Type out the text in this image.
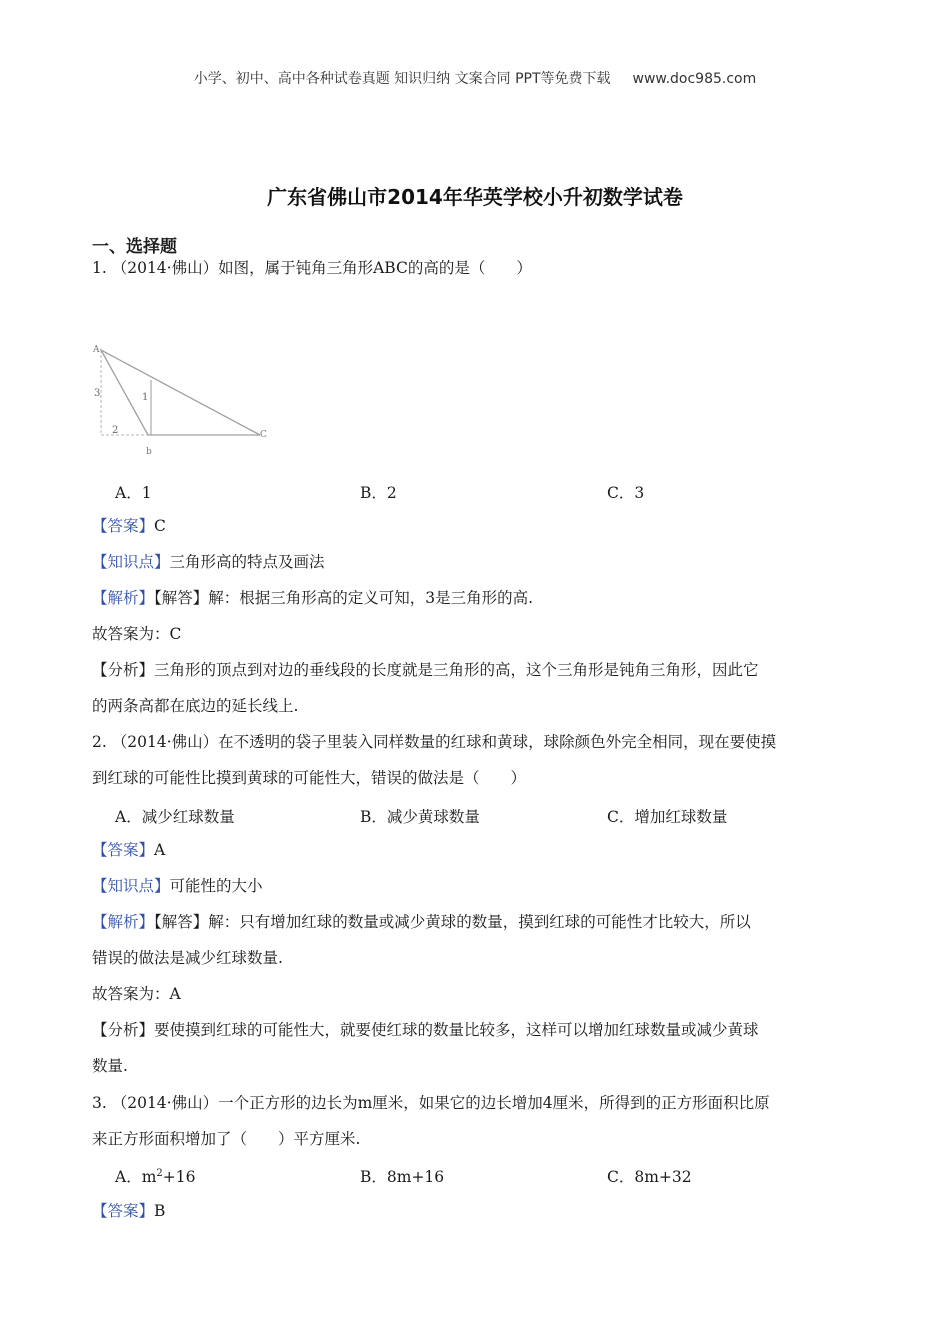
小学、初中、高中各种试卷真题 知识归纳 文案合同 PPT等免费下载 www.doc985.com
广东省佛山市2014年华英学校小升初数学试卷
一、选择题
1. （2014·佛山）如图，属于钝角三角形ABC的高的是（　　）
A
b
C
3
2
1
A．1	B．2	C．3
【答案】C
【知识点】三角形高的特点及画法
【解析】【解答】解：根据三角形高的定义可知，3是三角形的高.
故答案为：C
【分析】三角形的顶点到对边的垂线段的长度就是三角形的高，这个三角形是钝角三角形，因此它
的两条高都在底边的延长线上.
2. （2014·佛山）在不透明的袋子里装入同样数量的红球和黄球，球除颜色外完全相同，现在要使摸
到红球的可能性比摸到黄球的可能性大，错误的做法是（　　）
A．减少红球数量	B．减少黄球数量	C．增加红球数量
【答案】A
【知识点】可能性的大小
【解析】【解答】解：只有增加红球的数量或减少黄球的数量，摸到红球的可能性才比较大，所以
错误的做法是减少红球数量.
故答案为：A
【分析】要使摸到红球的可能性大，就要使红球的数量比较多，这样可以增加红球数量或减少黄球
数量.
3. （2014·佛山）一个正方形的边长为m厘米，如果它的边长增加4厘米，所得到的正方形面积比原
来正方形面积增加了（　　）平方厘米.
A．$m^2+16$	B．8m+16	C．8m+32
【答案】B
